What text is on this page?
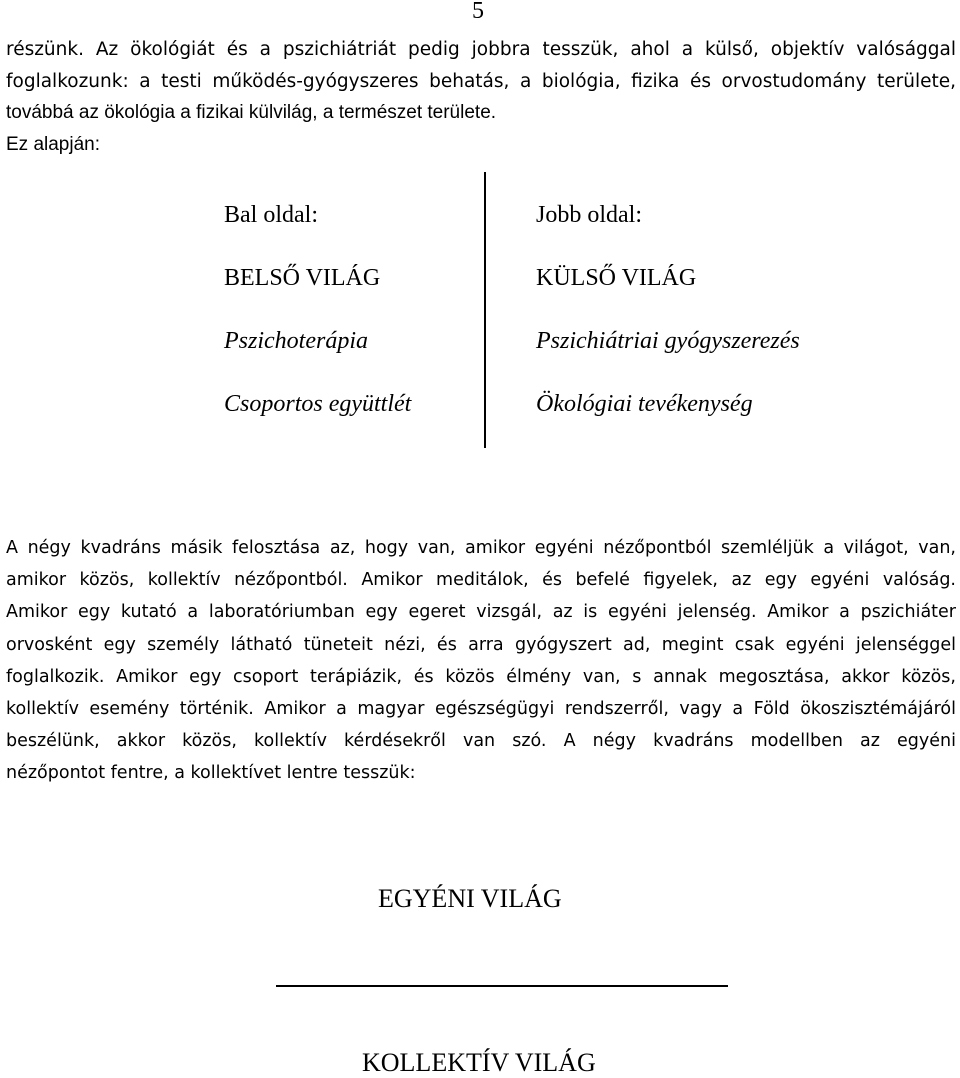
5
részünk. Az ökológiát és a pszichiátriát pedig jobbra tesszük, ahol a külső, objektív valósággal
foglalkozunk: a testi működés-gyógyszeres behatás, a biológia, fizika és orvostudomány területe,
továbbá az ökológia a fizikai külvilág, a természet területe.
Ez alapján:
Bal oldal:
BELSŐ VILÁG
Pszichoterápia
Csoportos együttlét
Jobb oldal:
KÜLSŐ VILÁG
Pszichiátriai gyógyszerezés
Ökológiai tevékenység
A négy kvadráns másik felosztása az, hogy van, amikor egyéni nézőpontból szemléljük a világot, van,
amikor közös, kollektív nézőpontból. Amikor meditálok, és befelé figyelek, az egy egyéni valóság.
Amikor egy kutató a laboratóriumban egy egeret vizsgál, az is egyéni jelenség. Amikor a pszichiáter
orvosként egy személy látható tüneteit nézi, és arra gyógyszert ad, megint csak egyéni jelenséggel
foglalkozik. Amikor egy csoport terápiázik, és közös élmény van, s annak megosztása, akkor közös,
kollektív esemény történik. Amikor a magyar egészségügyi rendszerről, vagy a Föld ökoszisztémájáról
beszélünk, akkor közös, kollektív kérdésekről van szó. A négy kvadráns modellben az egyéni
nézőpontot fentre, a kollektívet lentre tesszük:
EGYÉNI VILÁG
KOLLEKTÍV VILÁG
